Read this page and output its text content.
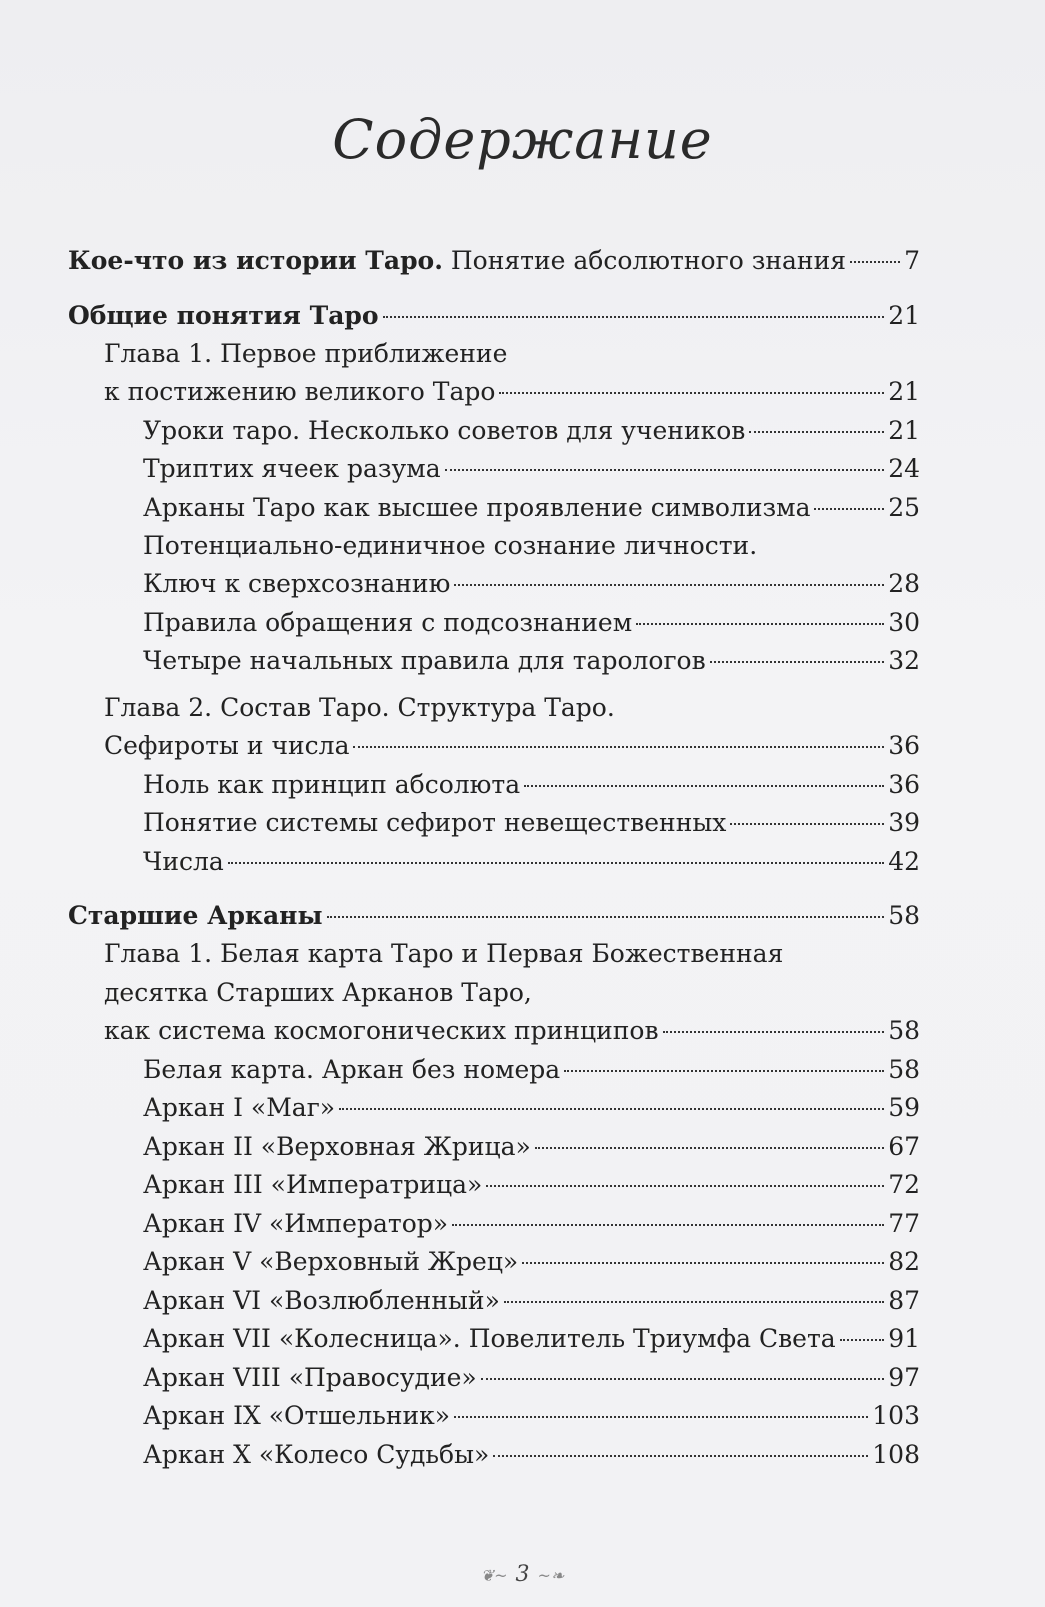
Содержание
Кое-что из истории Таро. Понятие абсолютного знания 7
Общие понятия Таро	21
Глава 1. Первое приближение
к постижению великого Таро	21
Уроки таро. Несколько советов для учеников	21
Триптих ячеек разума	24
Арканы Таро как высшее проявление символизма	25
Потенциально-единичное сознание личности.
Ключ к сверхсознанию	28
Правила обращения с подсознанием	30
Четыре начальных правила для тарологов	32
Глава 2. Состав Таро. Структура Таро.
Сефироты и числа	36
Ноль как принцип абсолюта	36
Понятие системы сефирот невещественных	39
Числа	42
Старшие Арканы	58
Глава 1. Белая карта Таро и Первая Божественная
десятка Старших Арканов Таро,
как система космогонических принципов	58
Белая карта. Аркан без номера	58
Аркан I «Маг»	59
Аркан II «Верховная Жрица»	67
Аркан III «Императрица»	72
Аркан IV «Император»	77
Аркан V «Верховный Жрец»	82
Аркан VI «Возлюбленный»	87
Аркан VII «Колесница». Повелитель Триумфа Света 91
Аркан VIII «Правосудие»	97
Аркан IX «Отшельник»	103
Аркан X «Колесо Судьбы»	108
❦~ 3 ~❧
